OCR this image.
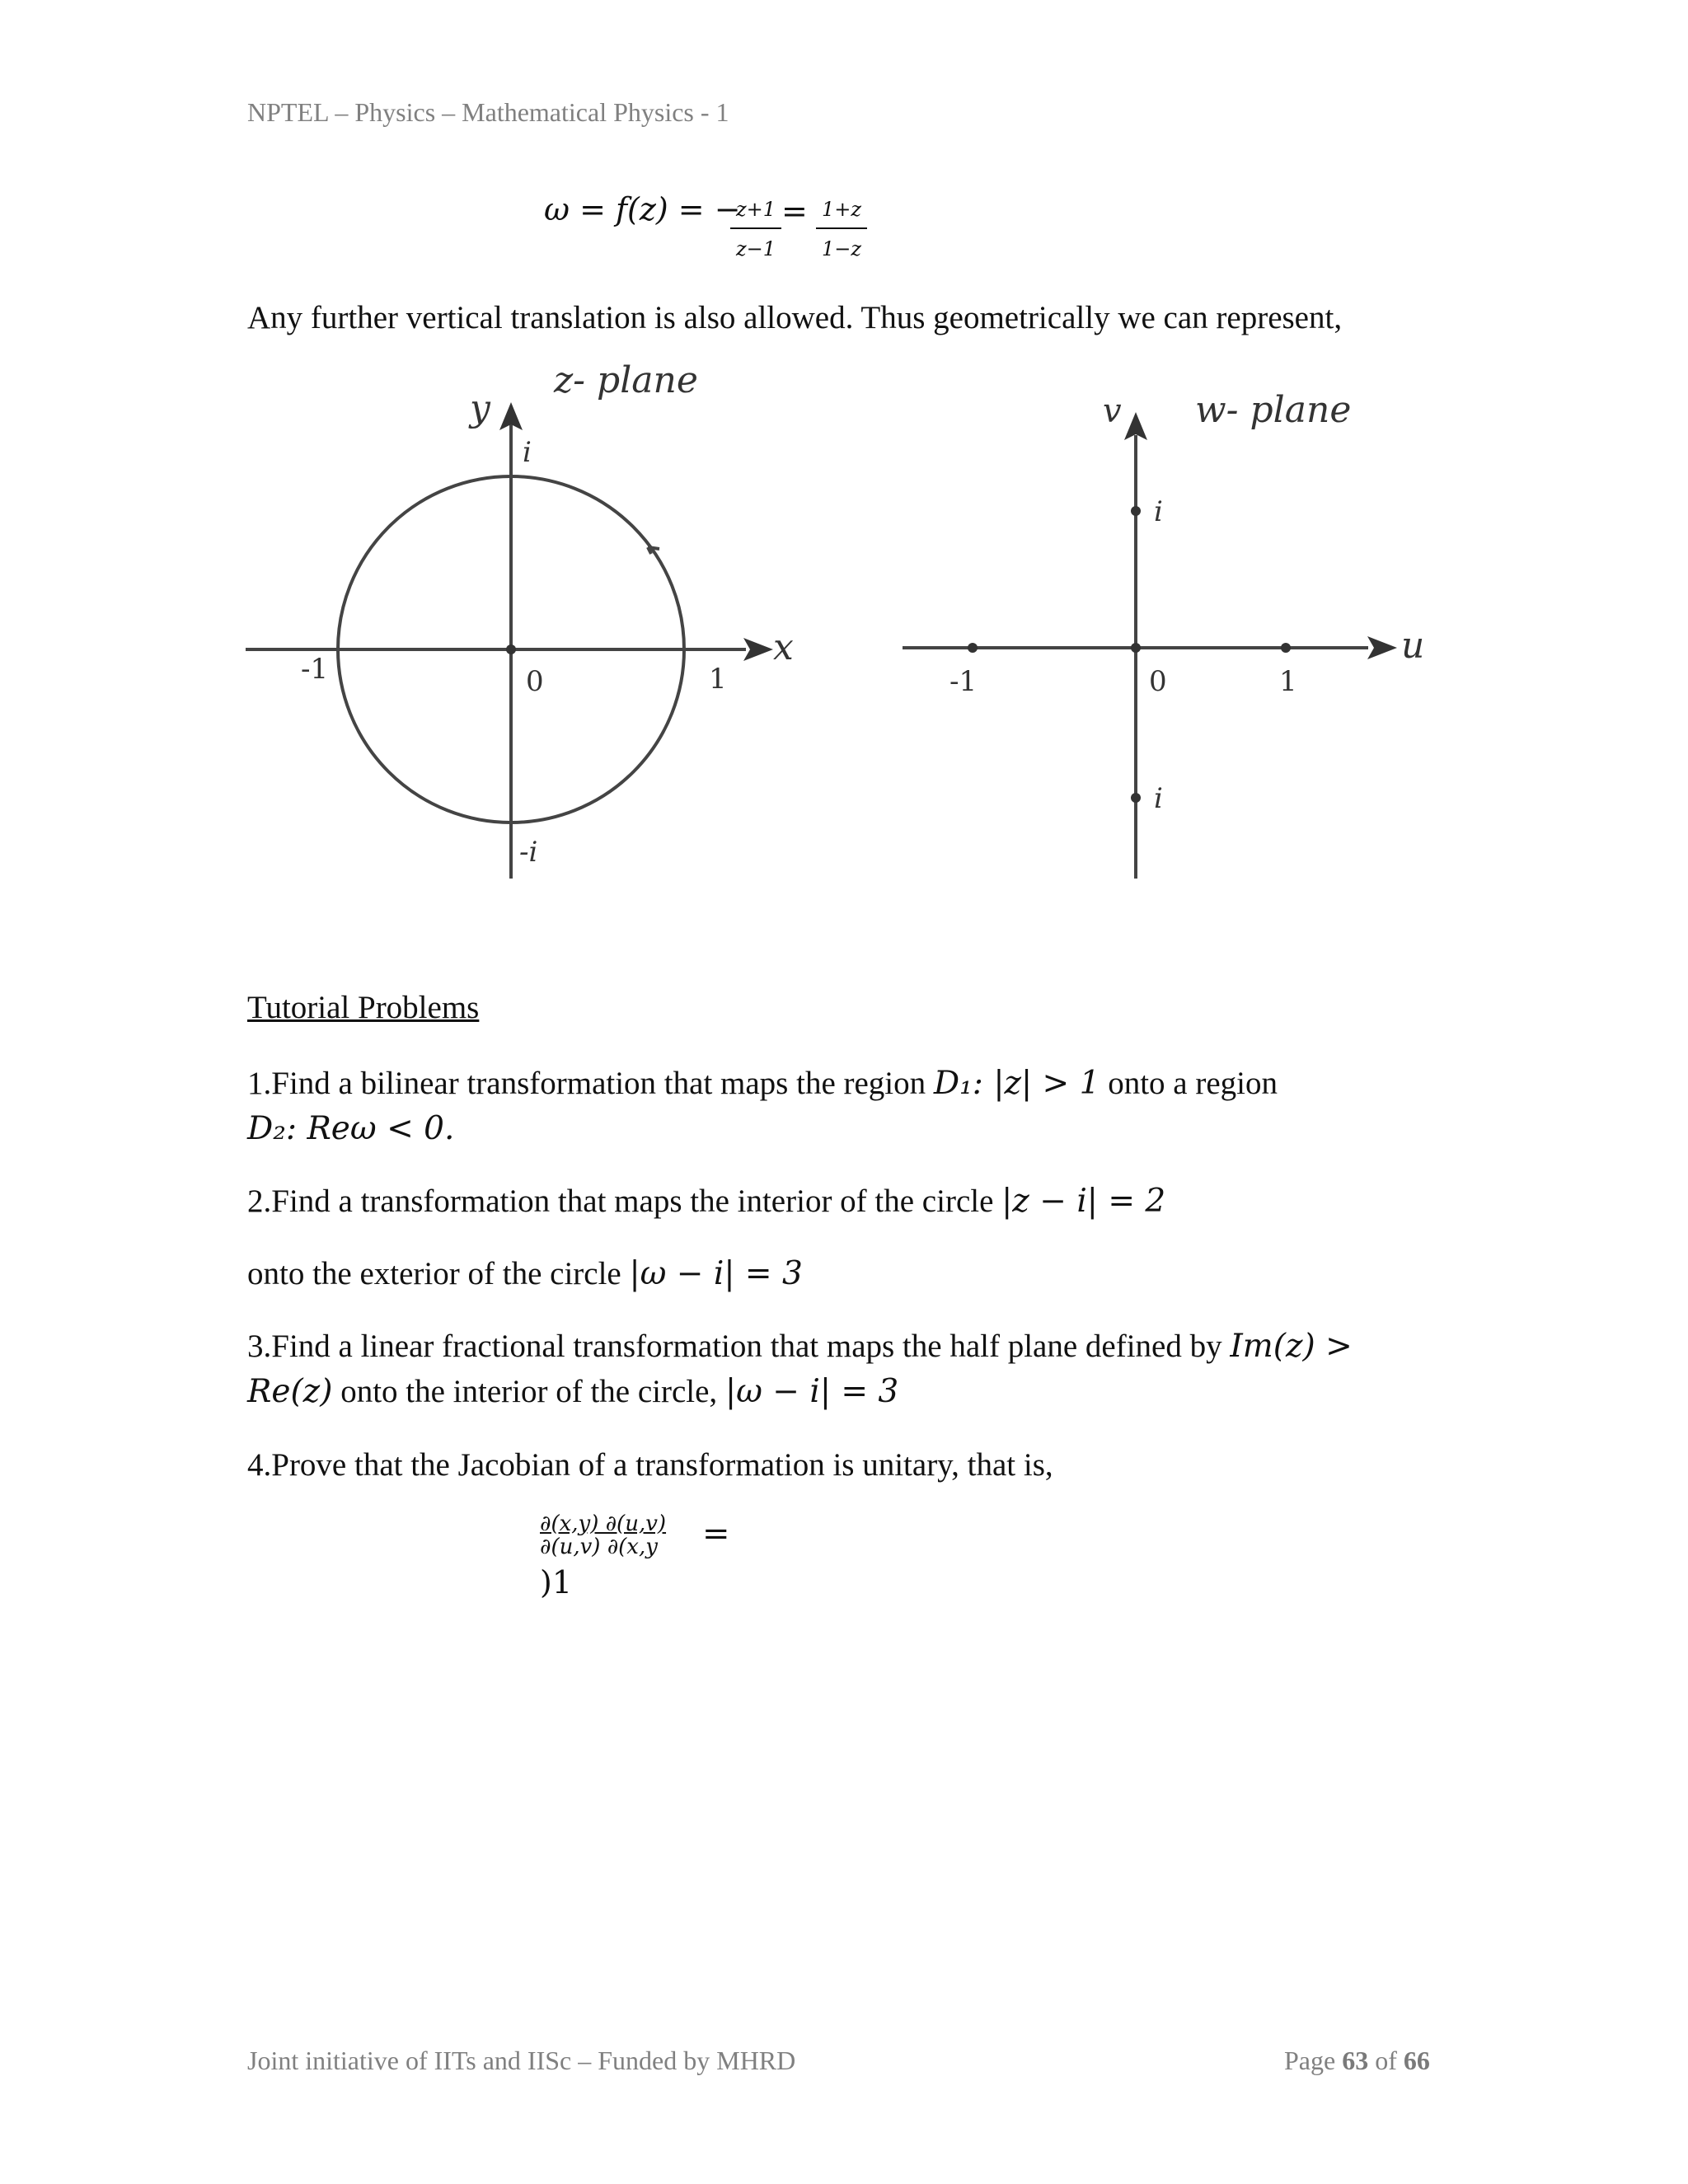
NPTEL – Physics – Mathematical Physics - 1
ω = f(z) = −
$\frac{z+1}{z-1} = \frac{1+z}{1-z}$
Any further vertical translation is also allowed. Thus geometrically we can represent,
z- plane
y
x
i
-i
-1	1
0
w- plane
v
u
i
i
-1	1
0
Tutorial Problems
1.Find a bilinear transformation that maps the region D₁: |z| > 1 onto a region
D₂: Reω < 0.
2.Find a transformation that maps the interior of the circle |z − i| = 2
onto the exterior of the circle |ω − i| = 3
3.Find a linear fractional transformation that maps the half plane defined by Im(z) >
Re(z) onto the interior of the circle, |ω − i| = 3
4.Prove that the Jacobian of a transformation is unitary, that is,
$\frac{\partial(x,y) \partial(u,v)}{\partial(u,v) \partial(x,y}$ =
)1
Joint initiative of IITs and IISc – Funded by MHRD	Page 63 of 66
